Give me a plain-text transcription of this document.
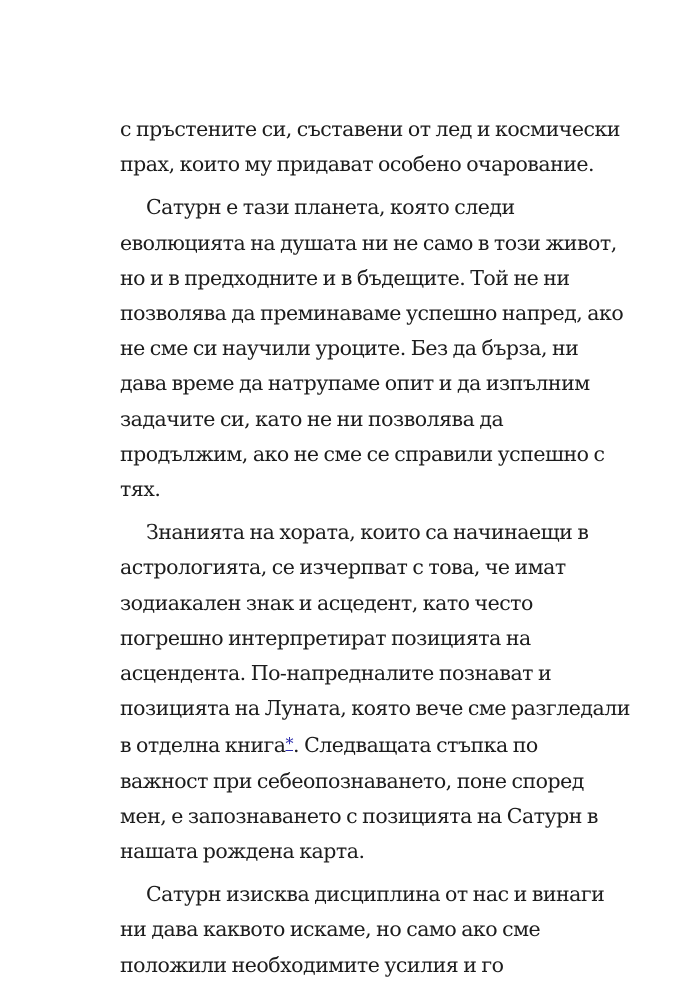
с пръстените си, съставени от лед и космически
прах, които му придават особено очарование.
Сатурн е тази планета, която следи
еволюцията на душата ни не само в този живот,
но и в предходните и в бъдещите. Той не ни
позволява да преминаваме успешно напред, ако
не сме си научили уроците. Без да бърза, ни
дава време да натрупаме опит и да изпълним
задачите си, като не ни позволява да
продължим, ако не сме се справили успешно с
тях.
Знанията на хората, които са начинаещи в
астрологията, се изчерпват с това, че имат
зодиакален знак и асцедент, като често
погрешно интерпретират позицията на
асцендента. По-напредналите познават и
позицията на Луната, която вече сме разгледали
в отделна книга*. Следващата стъпка по
важност при себеопознаването, поне според
мен, е запознаването с позицията на Сатурн в
нашата рождена карта.
Сатурн изисква дисциплина от нас и винаги
ни дава каквото искаме, но само ако сме
положили необходимите усилия и го
